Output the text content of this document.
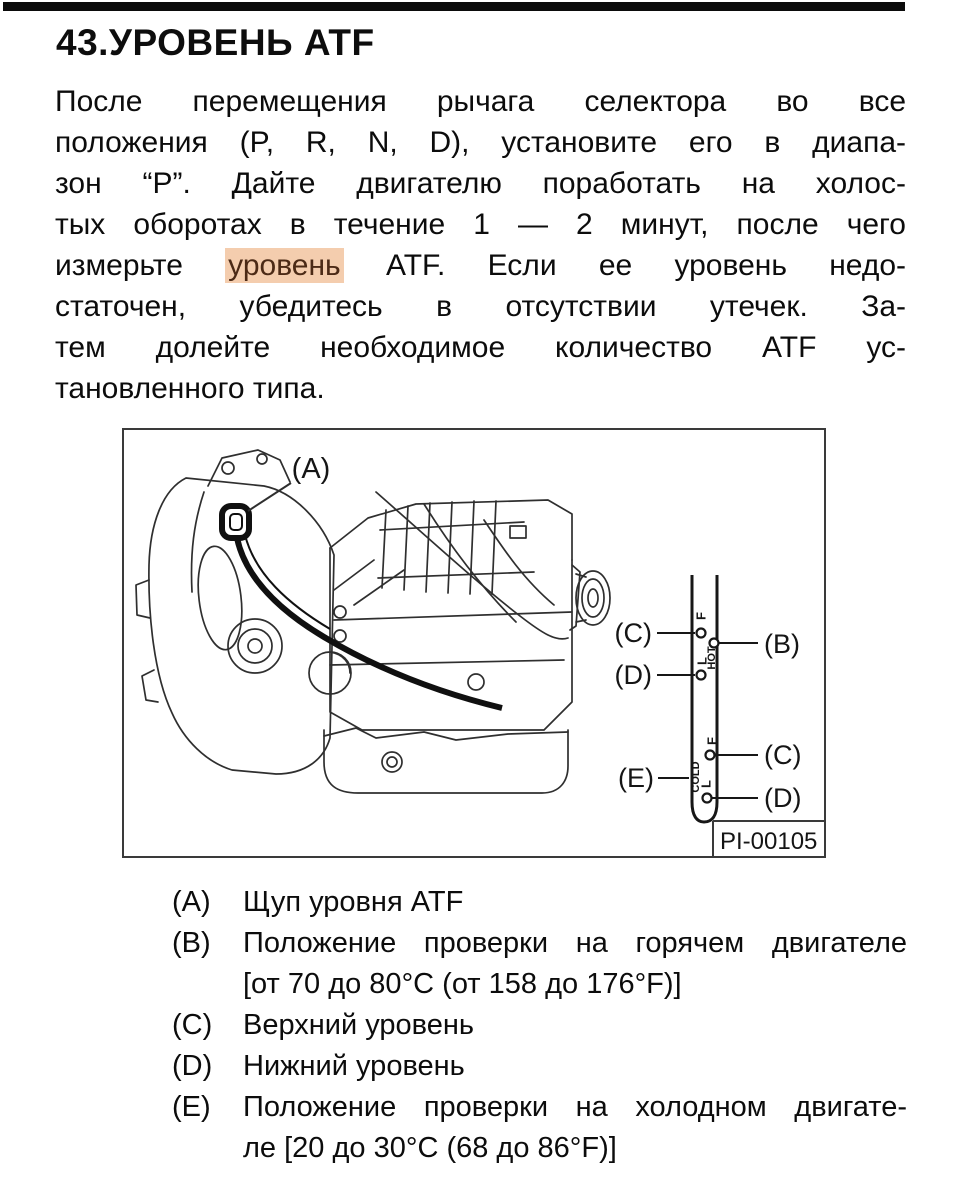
43.УРОВЕНЬ ATF
После перемещения рычага селектора во все
положения (P, R, N, D), установите его в диапа-
зон “P”. Дайте двигателю поработать на холос-
тых оборотах в течение 1 — 2 минут, после чего
измерьте уровень ATF. Если ее уровень недо-
статочен, убедитесь в отсутствии утечек. За-
тем долейте необходимое количество ATF ус-
тановленного типа.
(A)
F
L
HOT
F
L
COLD
(C)
(D)
(B)
(C)
(D)
(E)
PI-00105
(A)	Щуп уровня ATF
(B)	Положение проверки на горячем двигателе
[от 70 до 80°C (от 158 до 176°F)]
(C)	Верхний уровень
(D)	Нижний уровень
(E)	Положение проверки на холодном двигате-
ле [20 до 30°C (68 до 86°F)]
